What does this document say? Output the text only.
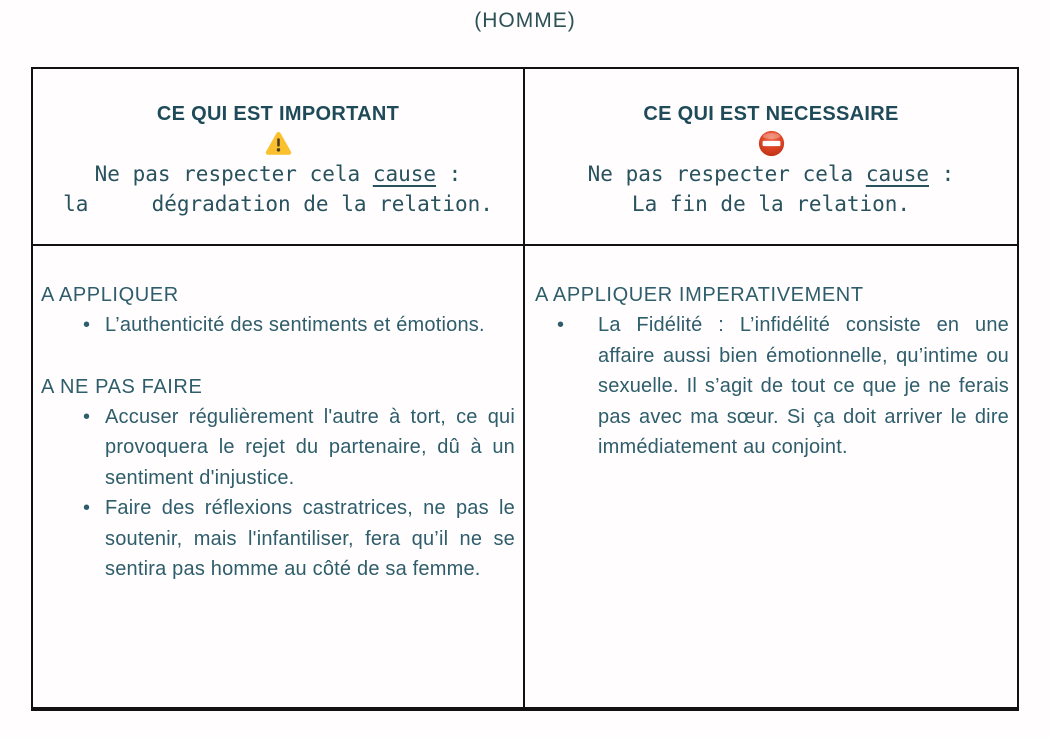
(HOMME)
CE QUI EST IMPORTANT
Ne pas respecter cela cause :
la     dégradation de la relation.
CE QUI EST NECESSAIRE
Ne pas respecter cela cause :
La fin de la relation.
A APPLIQUER
• L’authenticité des sentiments et émotions.
A NE PAS FAIRE
• Accuser régulièrement l'autre à tort, ce qui provoquera le rejet du partenaire, dû à un sentiment d'injustice.
• Faire des réflexions castratrices, ne pas le soutenir, mais l'infantiliser, fera qu’il ne se sentira pas homme au côté de sa femme.
A APPLIQUER IMPERATIVEMENT
• La Fidélité : L’infidélité consiste en une affaire aussi bien émotionnelle, qu’intime ou sexuelle. Il s’agit de tout ce que je ne ferais pas avec ma sœur. Si ça doit arriver le dire immédiatement au conjoint.
